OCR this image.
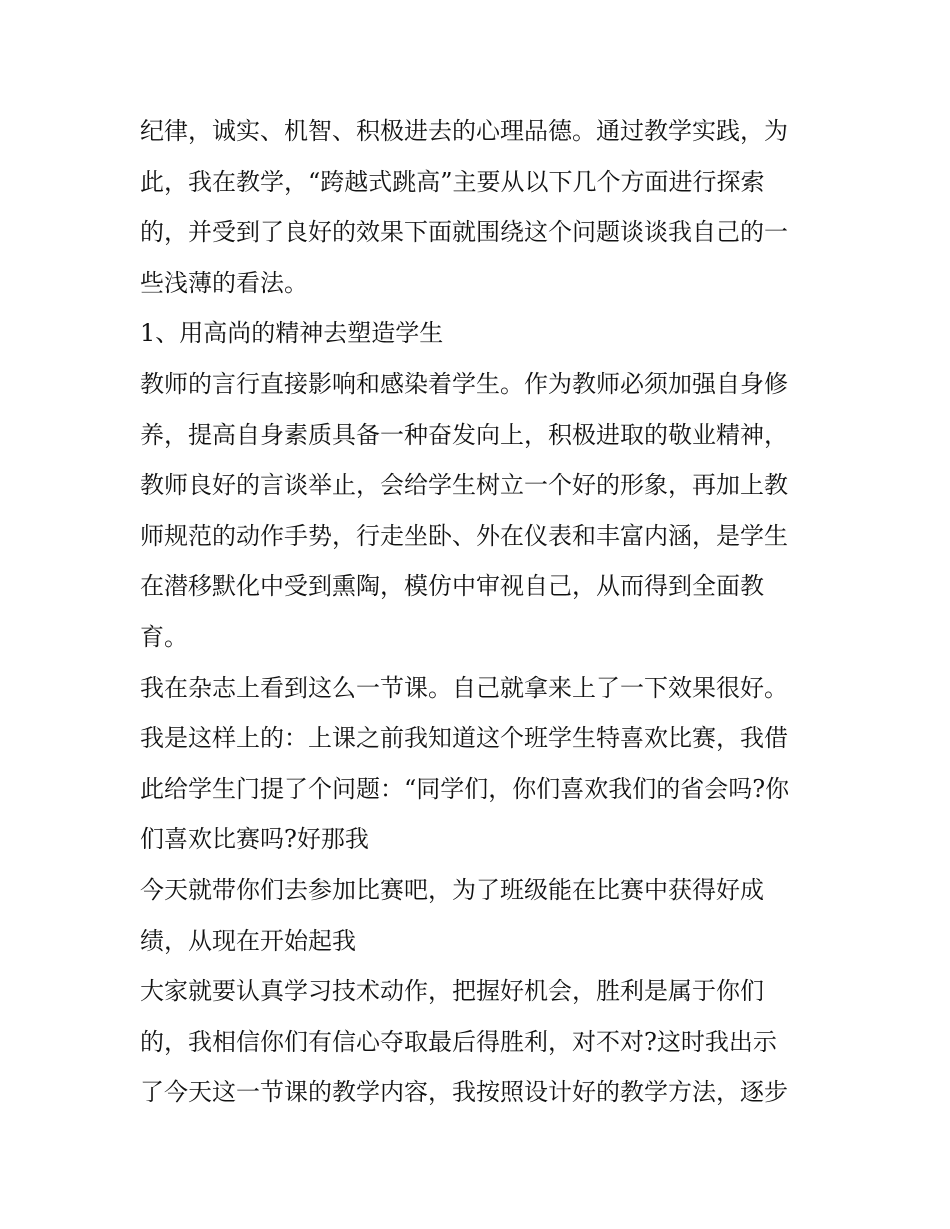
纪律，诚实、机智、积极进去的心理品德。通过教学实践，为
此，我在教学，“跨越式跳高”主要从以下几个方面进行探索
的，并受到了良好的效果下面就围绕这个问题谈谈我自己的一
些浅薄的看法。
1、用高尚的精神去塑造学生
教师的言行直接影响和感染着学生。作为教师必须加强自身修
养，提高自身素质具备一种奋发向上，积极进取的敬业精神，
教师良好的言谈举止，会给学生树立一个好的形象，再加上教
师规范的动作手势，行走坐卧、外在仪表和丰富内涵，是学生
在潜移默化中受到熏陶，模仿中审视自己，从而得到全面教
育。
我在杂志上看到这么一节课。自己就拿来上了一下效果很好。
我是这样上的：上课之前我知道这个班学生特喜欢比赛，我借
此给学生门提了个问题：“同学们，你们喜欢我们的省会吗?你
们喜欢比赛吗?好那我
今天就带你们去参加比赛吧，为了班级能在比赛中获得好成
绩，从现在开始起我
大家就要认真学习技术动作，把握好机会，胜利是属于你们
的，我相信你们有信心夺取最后得胜利，对不对?这时我出示
了今天这一节课的教学内容，我按照设计好的教学方法，逐步
